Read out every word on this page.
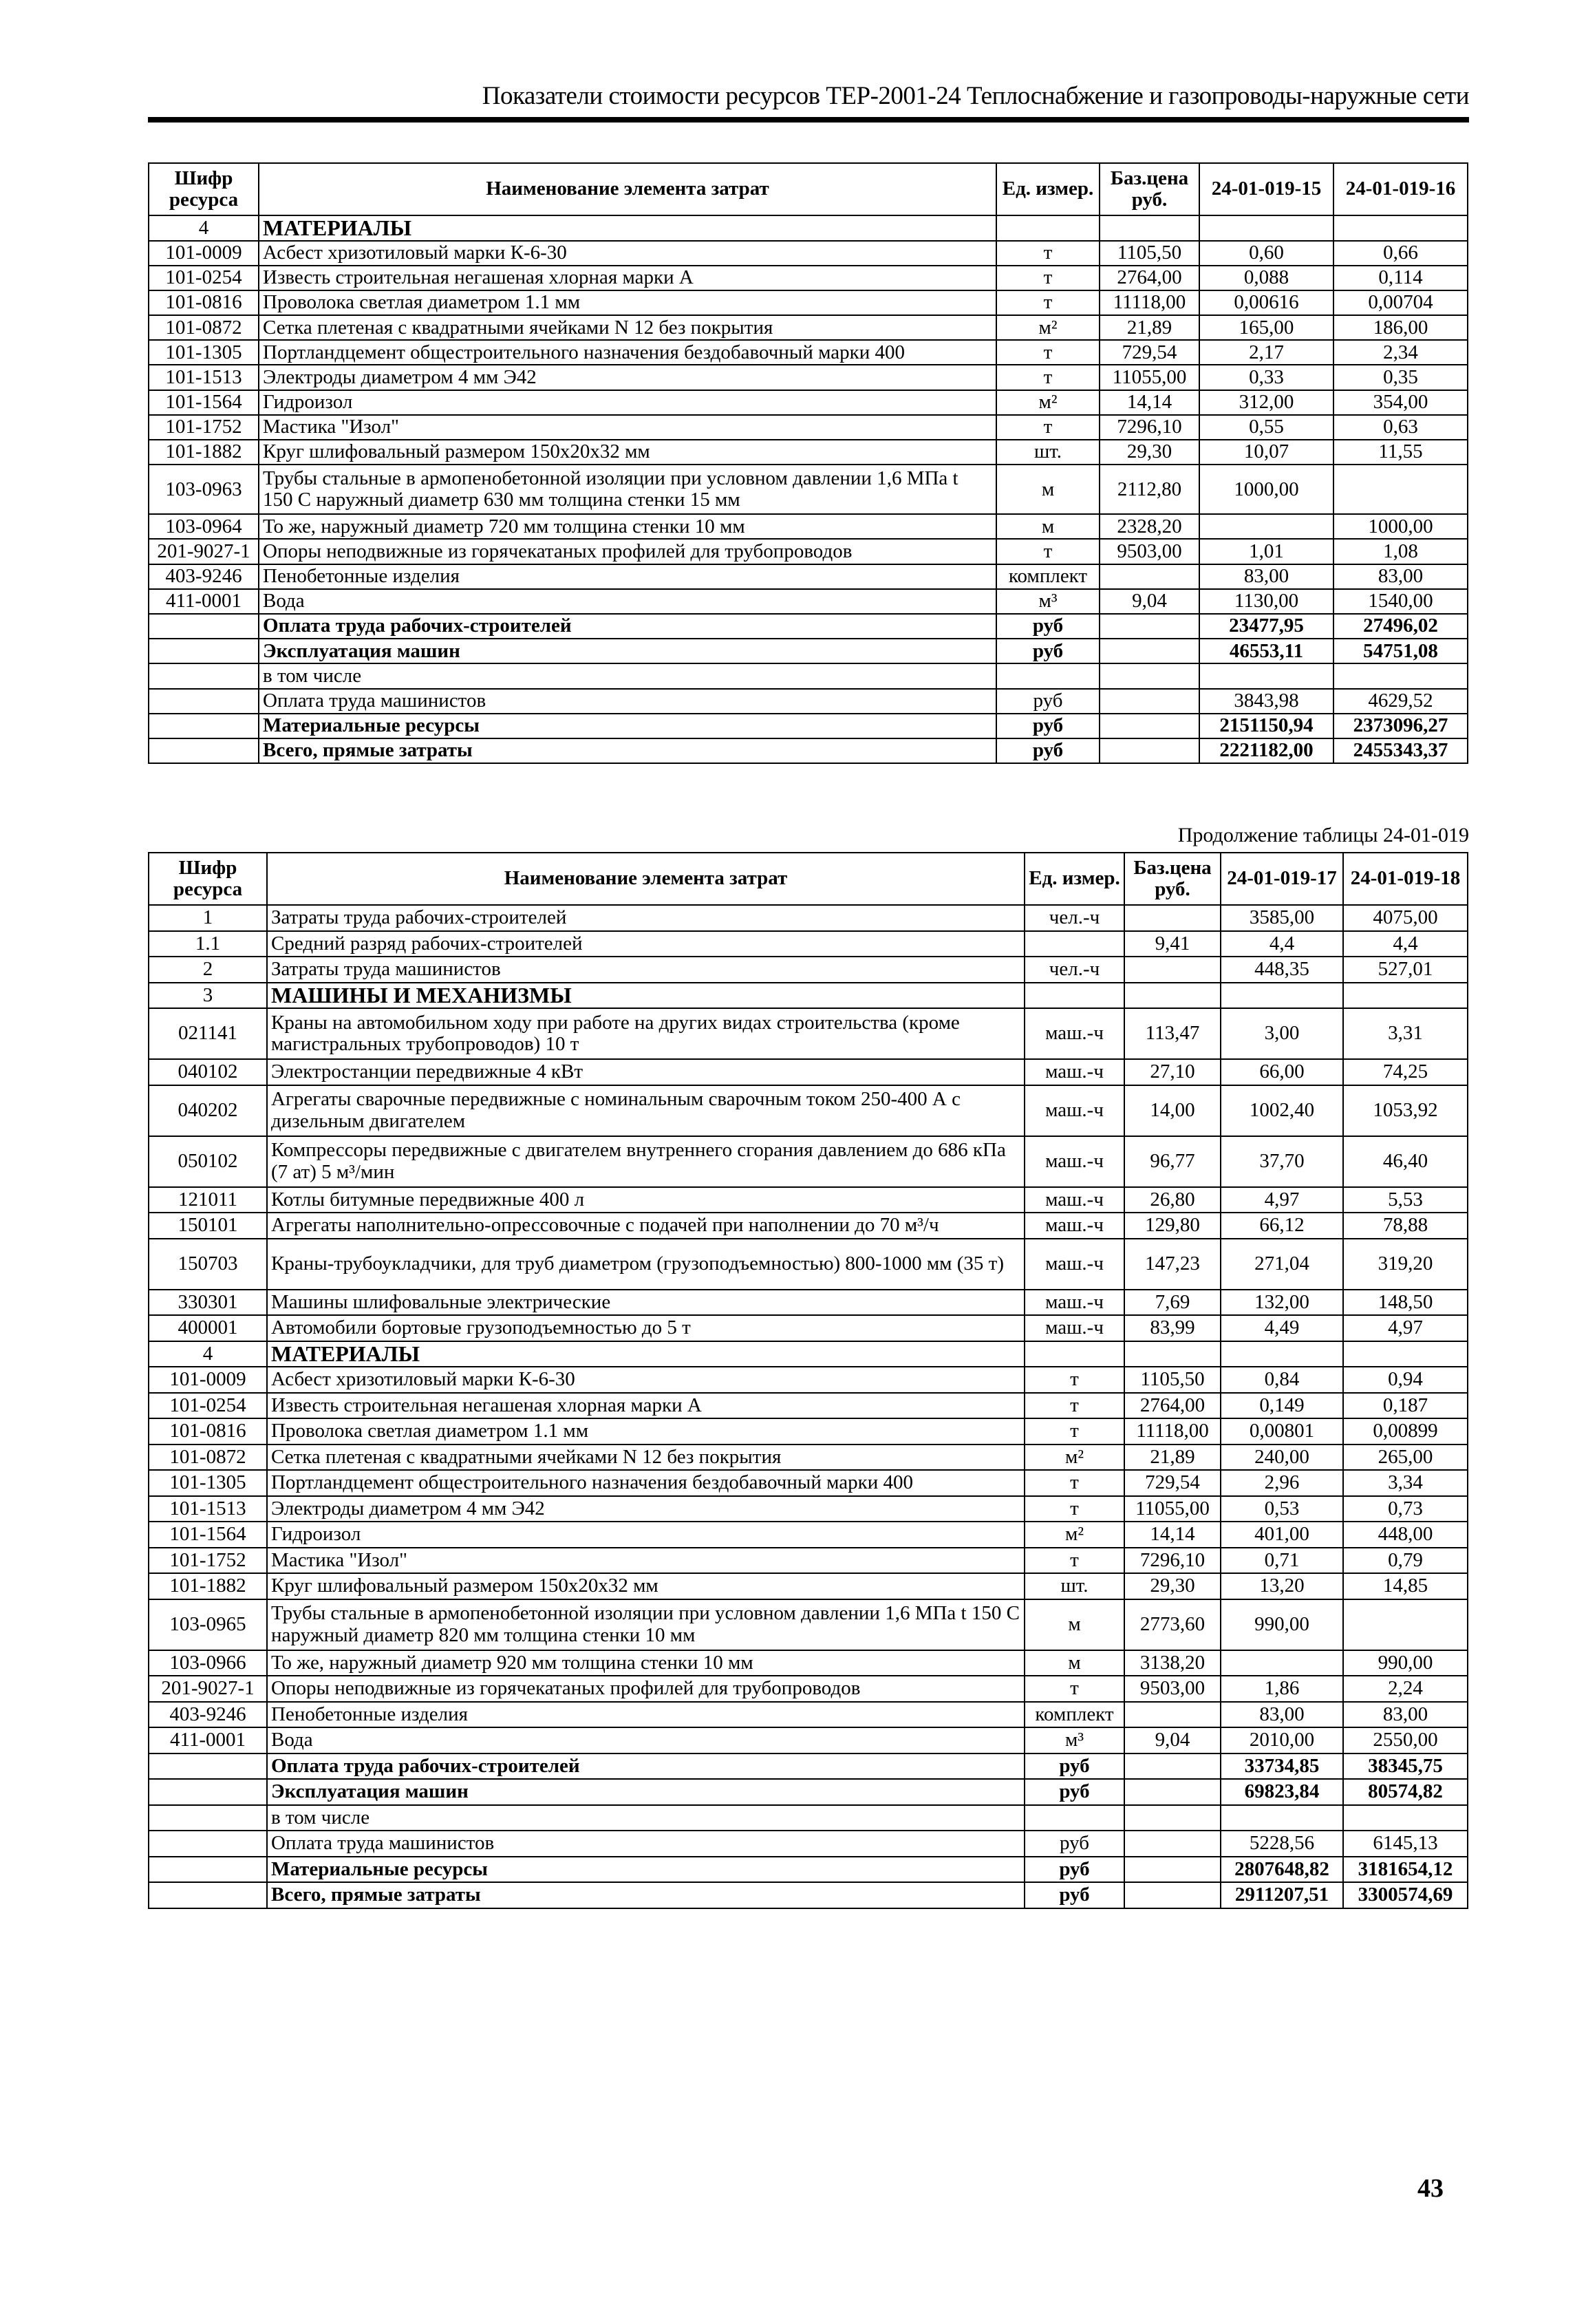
Показатели стоимости ресурсов ТЕР-2001-24 Теплоснабжение и газопроводы-наружные сети
Шифр ресурса	Наименование элемента затрат	Ед. измер.	Баз.цена руб.	24-01-019-15	24-01-019-16
4	МАТЕРИАЛЫ				
101-0009	Асбест хризотиловый марки К-6-30	т	1105,50	0,60	0,66
101-0254	Известь строительная негашеная хлорная марки А	т	2764,00	0,088	0,114
101-0816	Проволока светлая диаметром 1.1 мм	т	11118,00	0,00616	0,00704
101-0872	Сетка плетеная с квадратными ячейками N 12 без покрытия	м²	21,89	165,00	186,00
101-1305	Портландцемент общестроительного назначения бездобавочный марки 400	т	729,54	2,17	2,34
101-1513	Электроды диаметром 4 мм Э42	т	11055,00	0,33	0,35
101-1564	Гидроизол	м²	14,14	312,00	354,00
101-1752	Мастика "Изол"	т	7296,10	0,55	0,63
101-1882	Круг шлифовальный размером 150x20x32 мм	шт.	29,30	10,07	11,55
103-0963	Трубы стальные в армопенобетонной изоляции при условном давлении 1,6 МПа t 150 С наружный диаметр 630 мм толщина стенки 15 мм	м	2112,80	1000,00	
103-0964	То же, наружный диаметр 720 мм толщина стенки 10 мм	м	2328,20		1000,00
201-9027-1	Опоры неподвижные из горячекатаных профилей для трубопроводов	т	9503,00	1,01	1,08
403-9246	Пенобетонные изделия	комплект		83,00	83,00
411-0001	Вода	м³	9,04	1130,00	1540,00
	Оплата труда рабочих-строителей	руб		23477,95	27496,02
	Эксплуатация машин	руб		46553,11	54751,08
	в том числе				
	Оплата труда машинистов	руб		3843,98	4629,52
	Материальные ресурсы	руб		2151150,94	2373096,27
	Всего, прямые затраты	руб		2221182,00	2455343,37
Продолжение таблицы 24-01-019
Шифр ресурса	Наименование элемента затрат	Ед. измер.	Баз.цена руб.	24-01-019-17	24-01-019-18
1	Затраты труда рабочих-строителей	чел.-ч		3585,00	4075,00
1.1	Средний разряд рабочих-строителей		9,41	4,4	4,4
2	Затраты труда машинистов	чел.-ч		448,35	527,01
3	МАШИНЫ И МЕХАНИЗМЫ				
021141	Краны на автомобильном ходу при работе на других видах строительства (кроме магистральных трубопроводов) 10 т	маш.-ч	113,47	3,00	3,31
040102	Электростанции передвижные 4 кВт	маш.-ч	27,10	66,00	74,25
040202	Агрегаты сварочные передвижные с номинальным сварочным током 250-400 А с дизельным двигателем	маш.-ч	14,00	1002,40	1053,92
050102	Компрессоры передвижные с двигателем внутреннего сгорания давлением до 686 кПа (7 ат) 5 м³/мин	маш.-ч	96,77	37,70	46,40
121011	Котлы битумные передвижные 400 л	маш.-ч	26,80	4,97	5,53
150101	Агрегаты наполнительно-опрессовочные с подачей при наполнении до 70 м³/ч	маш.-ч	129,80	66,12	78,88
150703	Краны-трубоукладчики, для труб диаметром (грузоподъемностью) 800-1000 мм (35 т)	маш.-ч	147,23	271,04	319,20
330301	Машины шлифовальные электрические	маш.-ч	7,69	132,00	148,50
400001	Автомобили бортовые грузоподъемностью до 5 т	маш.-ч	83,99	4,49	4,97
4	МАТЕРИАЛЫ				
101-0009	Асбест хризотиловый марки К-6-30	т	1105,50	0,84	0,94
101-0254	Известь строительная негашеная хлорная марки А	т	2764,00	0,149	0,187
101-0816	Проволока светлая диаметром 1.1 мм	т	11118,00	0,00801	0,00899
101-0872	Сетка плетеная с квадратными ячейками N 12 без покрытия	м²	21,89	240,00	265,00
101-1305	Портландцемент общестроительного назначения бездобавочный марки 400	т	729,54	2,96	3,34
101-1513	Электроды диаметром 4 мм Э42	т	11055,00	0,53	0,73
101-1564	Гидроизол	м²	14,14	401,00	448,00
101-1752	Мастика "Изол"	т	7296,10	0,71	0,79
101-1882	Круг шлифовальный размером 150x20x32 мм	шт.	29,30	13,20	14,85
103-0965	Трубы стальные в армопенобетонной изоляции при условном давлении 1,6 МПа t 150 С наружный диаметр 820 мм толщина стенки 10 мм	м	2773,60	990,00	
103-0966	То же, наружный диаметр 920 мм толщина стенки 10 мм	м	3138,20		990,00
201-9027-1	Опоры неподвижные из горячекатаных профилей для трубопроводов	т	9503,00	1,86	2,24
403-9246	Пенобетонные изделия	комплект		83,00	83,00
411-0001	Вода	м³	9,04	2010,00	2550,00
	Оплата труда рабочих-строителей	руб		33734,85	38345,75
	Эксплуатация машин	руб		69823,84	80574,82
	в том числе				
	Оплата труда машинистов	руб		5228,56	6145,13
	Материальные ресурсы	руб		2807648,82	3181654,12
	Всего, прямые затраты	руб		2911207,51	3300574,69
43
